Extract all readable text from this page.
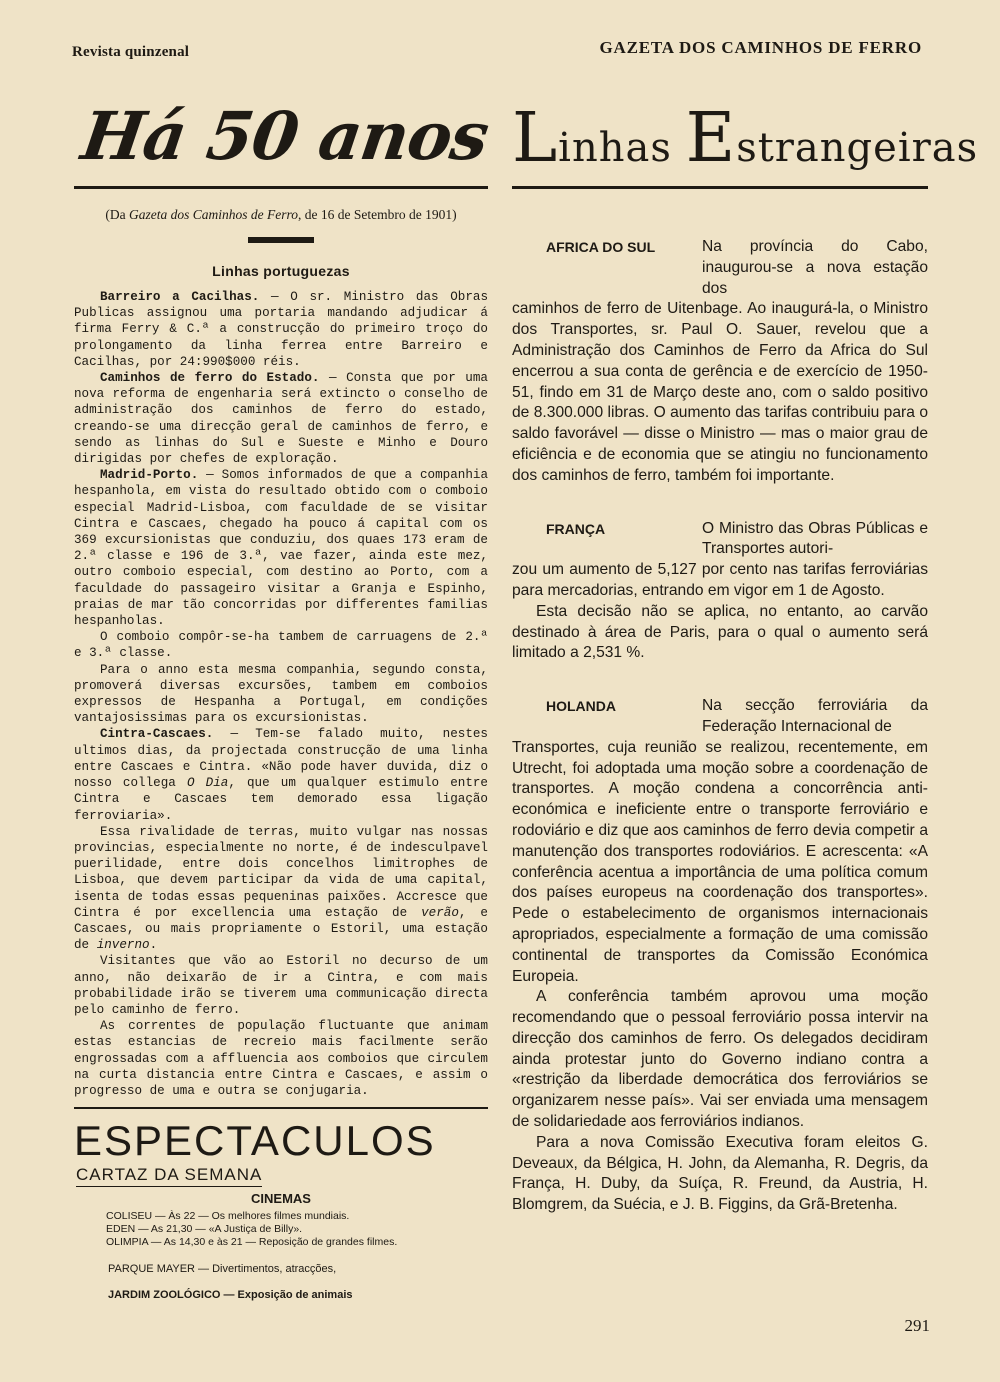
Revista quinzenal	GAZETA DOS CAMINHOS DE FERRO
Há 50 anos
(Da Gazeta dos Caminhos de Ferro, de 16 de Setembro de 1901)
Linhas portuguezas

Barreiro a Cacilhas. — O sr. Ministro das Obras Publicas assignou uma portaria mandando adjudicar á firma Ferry & C.ª a construcção do primeiro troço do prolongamento da linha ferrea entre Barreiro e Cacilhas, por 24:990$000 réis.

Caminhos de ferro do Estado. — Consta que por uma nova reforma de engenharia será extincto o conselho de administração dos caminhos de ferro do estado, creando-se uma direcção geral de caminhos de ferro, e sendo as linhas do Sul e Sueste e Minho e Douro dirigidas por chefes de exploração.

Madrid-Porto. — Somos informados de que a companhia hespanhola, em vista do resultado obtido com o comboio especial Madrid-Lisboa, com faculdade de se visitar Cintra e Cascaes, chegado ha pouco á capital com os 369 excursionistas que conduziu, dos quaes 173 eram de 2.ª classe e 196 de 3.ª, vae fazer, ainda este mez, outro comboio especial, com destino ao Porto, com a faculdade do passageiro visitar a Granja e Espinho, praias de mar tão concorridas por differentes familias hespanholas.

O comboio compôr-se-ha tambem de carruagens de 2.ª e 3.ª classe.

Para o anno esta mesma companhia, segundo consta, promoverá diversas excursões, tambem em comboios expressos de Hespanha a Portugal, em condições vantajosissimas para os excursionistas.

Cintra-Cascaes. — Tem-se falado muito, nestes ultimos dias, da projectada construcção de uma linha entre Cascaes e Cintra. «Não pode haver duvida, diz o nosso collega O Dia, que um qualquer estimulo entre Cintra e Cascaes tem demorado essa ligação ferroviaria».

Essa rivalidade de terras, muito vulgar nas nossas provincias, especialmente no norte, é de indesculpavel puerilidade, entre dois concelhos limitrophes de Lisboa, que devem participar da vida de uma capital, isenta de todas essas pequeninas paixões. Accresce que Cintra é por excellencia uma estação de verão, e Cascaes, ou mais propriamente o Estoril, uma estação de inverno.

Visitantes que vão ao Estoril no decurso de um anno, não deixarão de ir a Cintra, e com mais probabilidade irão se tiverem uma communicação directa pelo caminho de ferro.

As correntes de população fluctuante que animam estas estancias de recreio mais facilmente serão engrossadas com a affluencia aos comboios que circulem na curta distancia entre Cintra e Cascaes, e assim o progresso de uma e outra se conjugaria.

ESPECTACULOS
CARTAZ DA SEMANA
CINEMAS
COLISEU — Às 22 — Os melhores filmes mundiais.
EDEN — As 21,30 — «A Justiça de Billy».
OLIMPIA — As 14,30 e às 21 — Reposição de grandes filmes.
PARQUE MAYER — Divertimentos, atracções,
JARDIM ZOOLÓGICO — Exposição de animais
Linhas Estrangeiras
AFRICA DO SUL	Na província do Cabo, inaugurou-se a nova estação dos

caminhos de ferro de Uitenbage. Ao inaugurá-la, o Ministro dos Transportes, sr. Paul O. Sauer, revelou que a Administração dos Caminhos de Ferro da Africa do Sul encerrou a sua conta de gerência e de exercício de 1950-51, findo em 31 de Março deste ano, com o saldo positivo de 8.300.000 libras. O aumento das tarifas contribuiu para o saldo favorável — disse o Ministro — mas o maior grau de eficiência e de economia que se atingiu no funcionamento dos caminhos de ferro, também foi importante.

FRANÇA	O Ministro das Obras Públicas e Transportes autori-

zou um aumento de 5,127 por cento nas tarifas ferroviárias para mercadorias, entrando em vigor em 1 de Agosto.

Esta decisão não se aplica, no entanto, ao carvão destinado à área de Paris, para o qual o aumento será limitado a 2,531 %.

HOLANDA	Na secção ferroviária da Federação Internacional de

Transportes, cuja reunião se realizou, recentemente, em Utrecht, foi adoptada uma moção sobre a coordenação de transportes. A moção condena a concorrência anti-económica e ineficiente entre o transporte ferroviário e rodoviário e diz que aos caminhos de ferro devia competir a manutenção dos transportes rodoviários. E acrescenta: «A conferência acentua a importância de uma política comum dos países europeus na coordenação dos transportes». Pede o estabelecimento de organismos internacionais apropriados, especialmente a formação de uma comissão continental de transportes da Comissão Económica Europeia.

A conferência também aprovou uma moção recomendando que o pessoal ferroviário possa intervir na direcção dos caminhos de ferro. Os delegados decidiram ainda protestar junto do Governo indiano contra a «restrição da liberdade democrática dos ferroviários se organizarem nesse país». Vai ser enviada uma mensagem de solidariedade aos ferroviários indianos.

Para a nova Comissão Executiva foram eleitos G. Deveaux, da Bélgica, H. John, da Alemanha, R. Degris, da França, H. Duby, da Suíça, R. Freund, da Austria, H. Blomgrem, da Suécia, e J. B. Figgins, da Grã-Bretenha.

291
